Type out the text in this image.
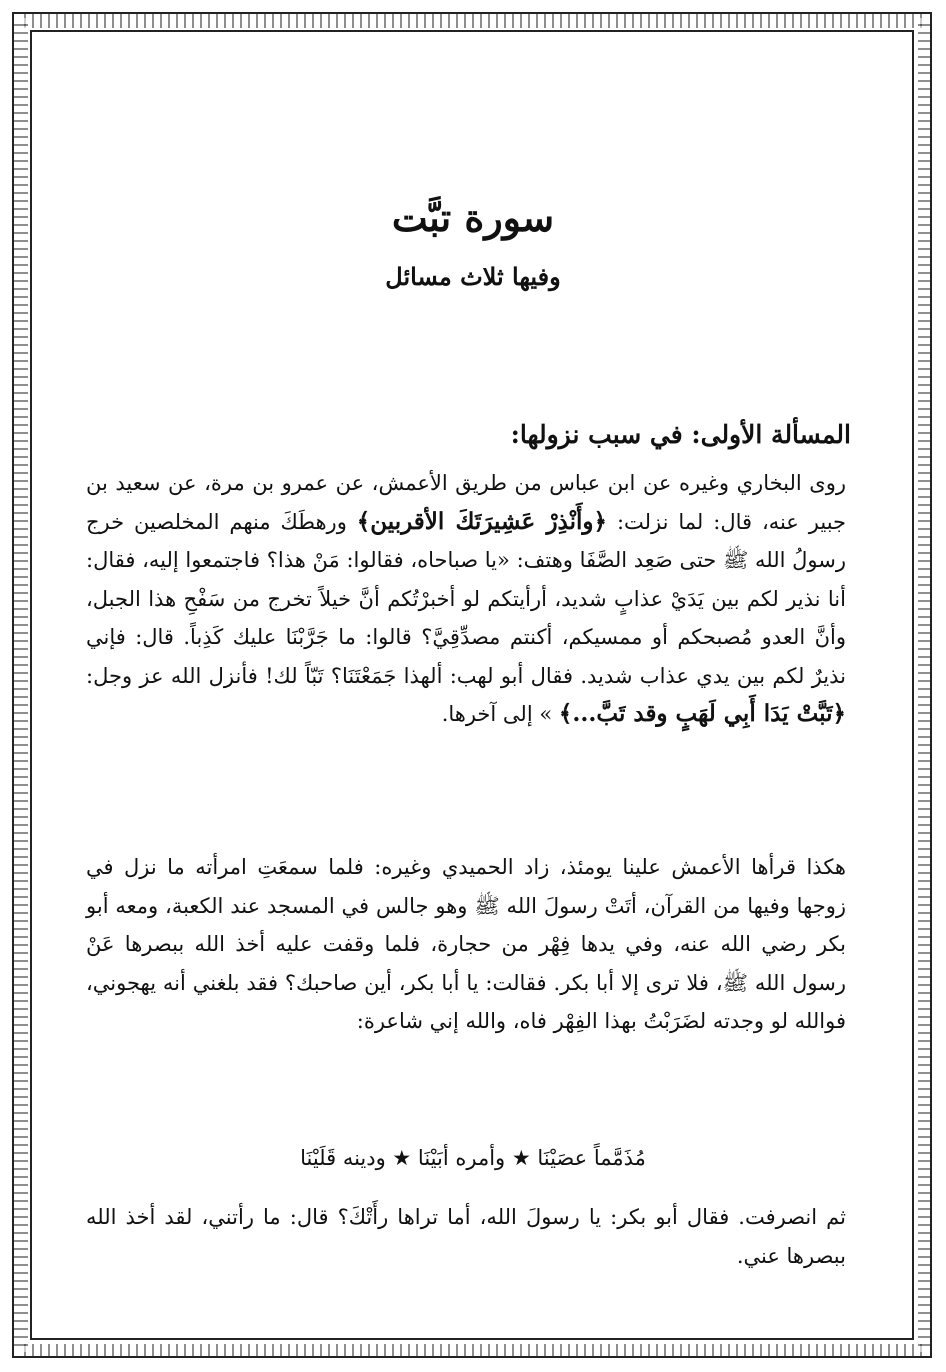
سورة تبَّت
وفيها ثلاث مسائل
المسألة الأولى: في سبب نزولها:

روى البخاري وغيره عن ابن عباس من طريق الأعمش، عن عمرو بن مرة، عن سعيد بن جبير عنه، قال: لما نزلت: ﴿وأَنْذِرْ عَشِيرَتَكَ الأقربين﴾ ورهطَكَ منهم المخلصين خرج رسولُ الله ﷺ حتى صَعِد الصَّفَا وهتف: «يا صباحاه، فقالوا: مَنْ هذا؟ فاجتمعوا إليه، فقال: أنا نذير لكم بين يَدَيْ عذابٍ شديد، أرأيتكم لو أخبرْتُكم أنَّ خيلاً تخرج من سَفْحِ هذا الجبل، وأنَّ العدو مُصبحكم أو ممسيكم، أكنتم مصدِّقِيَّ؟ قالوا: ما جَرَّبْنَا عليك كَذِباً. قال: فإني نذيرٌ لكم بين يدي عذاب شديد. فقال أبو لهب: ألهذا جَمَعْتَنَا؟ تَبّاً لك! فأنزل الله عز وجل: ﴿تَبَّتْ يَدَا أَبِي لَهَبٍ وقد تَبَّ...﴾ » إلى آخرها.

هكذا قرأها الأعمش علينا يومئذ، زاد الحميدي وغيره: فلما سمعَتِ امرأته ما نزل في زوجها وفيها من القرآن، أتَتْ رسولَ الله ﷺ وهو جالس في المسجد عند الكعبة، ومعه أبو بكر رضي الله عنه، وفي يدها فِهْر من حجارة، فلما وقفت عليه أخذ الله ببصرها عَنْ رسول الله ﷺ، فلا ترى إلا أبا بكر. فقالت: يا أبا بكر، أين صاحبك؟ فقد بلغني أنه يهجوني، فوالله لو وجدته لضَرَبْتُ بهذا الفِهْر فاه، والله إني شاعرة:

مُذَمَّماً عصَيْنَا ★ وأمره أبَيْنَا ★ ودينه قَلَيْنَا

ثم انصرفت. فقال أبو بكر: يا رسولَ الله، أما تراها رأَتْكَ؟ قال: ما رأتني، لقد أخذ الله ببصرها عني.
